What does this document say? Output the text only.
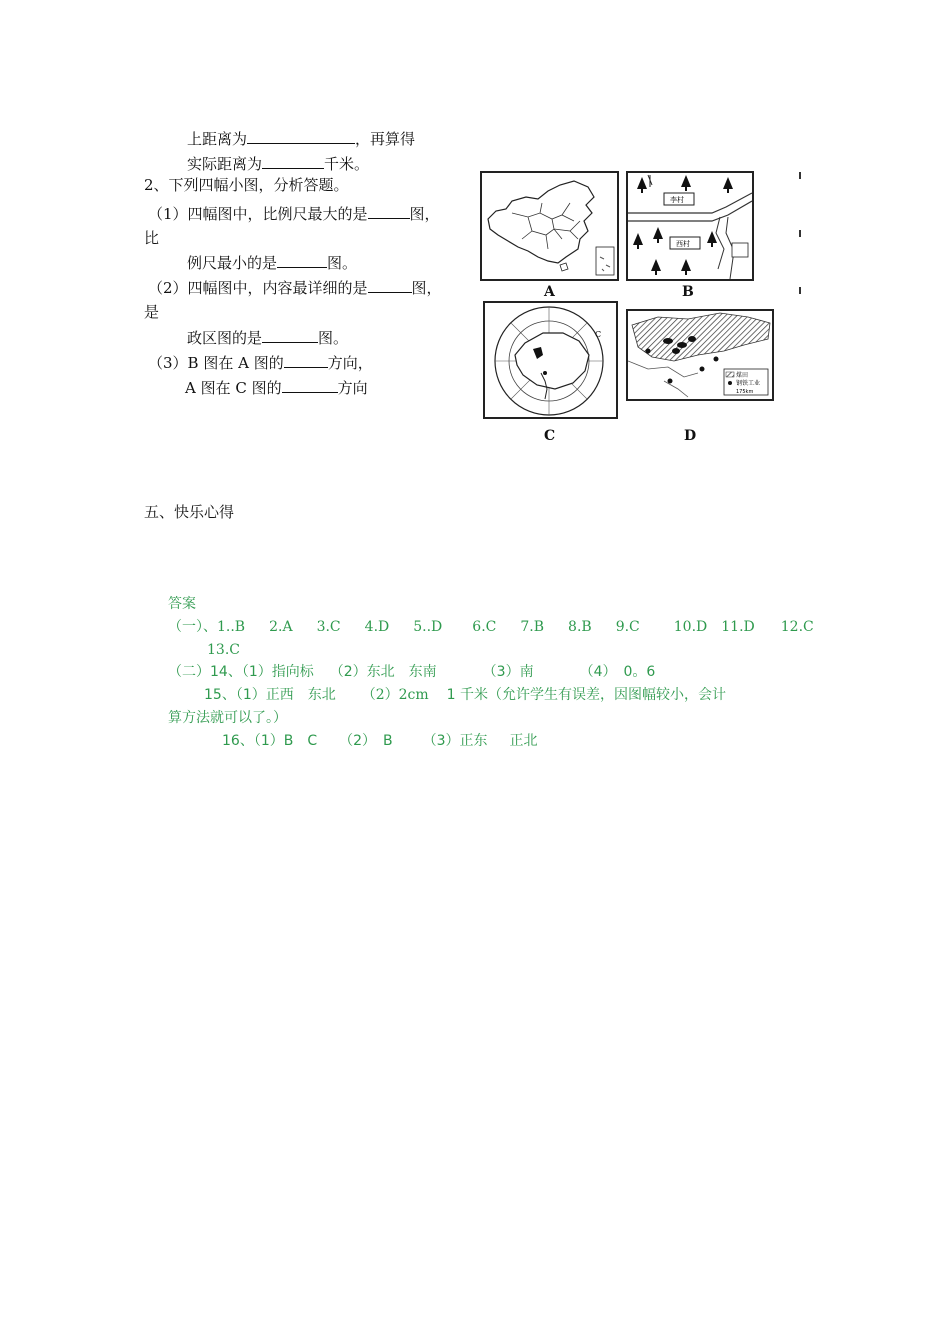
上距离为	，再算得
实际距离为	千米。
2、下列四幅小图，分析答题。
（1）四幅图中，比例尺最大的是	图，
比
例尺最小的是	图。
（2）四幅图中，内容最详细的是	图，
是
政区图的是	图。
（3）B 图在 A 图的	方向，
A 图在 C 图的	方向
A
李村
西村
B
C
C
煤田
钢铁工业
175km
D
五、快乐心得
答案
（一）、1..B 2.A 3.C 4.D 5..D 6.C 7.B 8.B 9.C 10.D 11.D 12.C
13.C
（二）14、（1）指向标 （2）东北　东南	（3）南	（4）　0。6
15、（1）正西　东北 （2）2cm 1 千米（允许学生有误差，因图幅较小，会计
算方法就可以了。）
16、（1）B　C （2）　B （3）正东 正北
